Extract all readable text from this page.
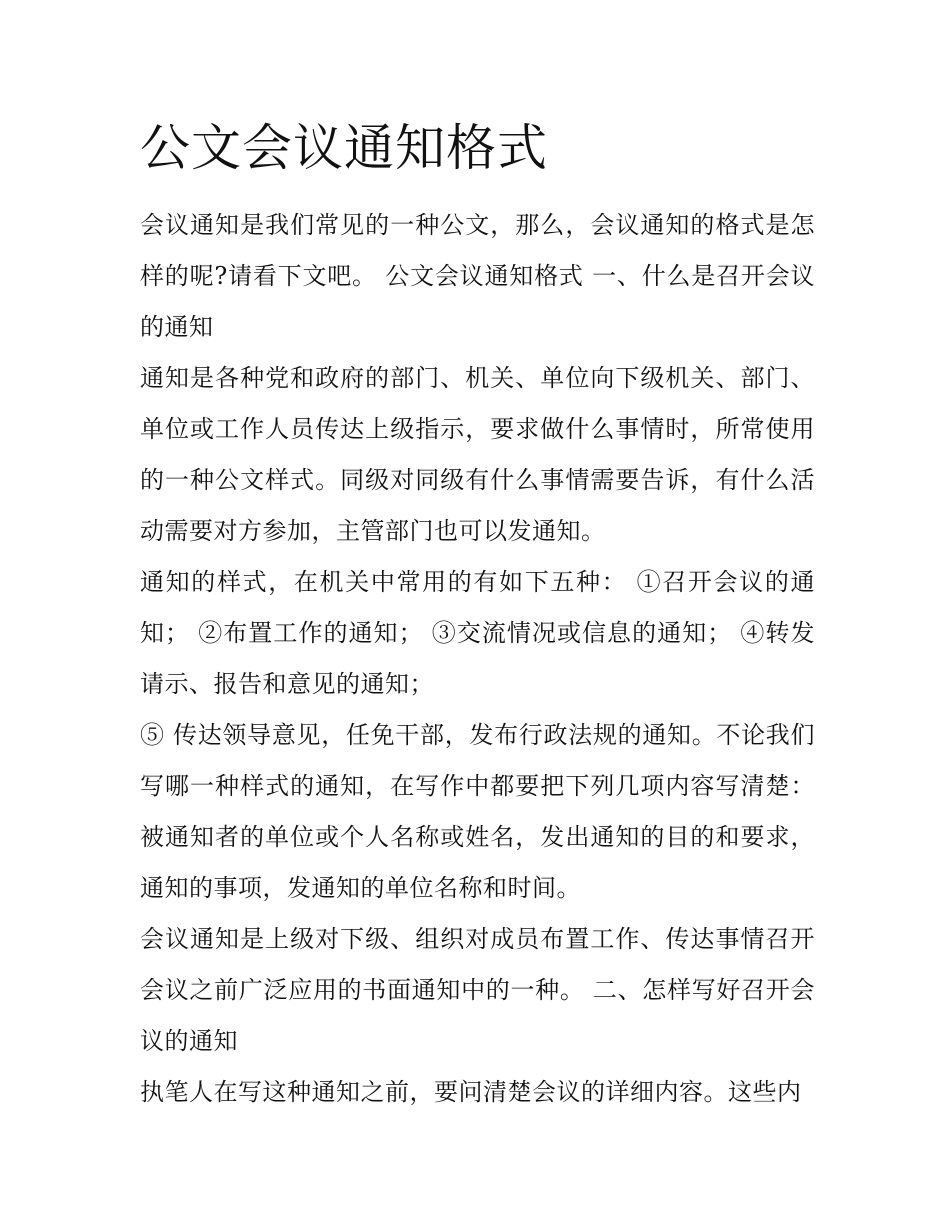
公文会议通知格式

会议通知是我们常见的一种公文，那么，会议通知的格式是怎样的呢?请看下文吧。 公文会议通知格式 一、什么是召开会议的通知

通知是各种党和政府的部门、机关、单位向下级机关、部门、单位或工作人员传达上级指示，要求做什么事情时，所常使用的一种公文样式。同级对同级有什么事情需要告诉，有什么活动需要对方参加，主管部门也可以发通知。

通知的样式，在机关中常用的有如下五种： ①召开会议的通知； ②布置工作的通知； ③交流情况或信息的通知； ④转发请示、报告和意见的通知；

⑤ 传达领导意见，任免干部，发布行政法规的通知。不论我们写哪一种样式的通知，在写作中都要把下列几项内容写清楚：被通知者的单位或个人名称或姓名，发出通知的目的和要求，通知的事项，发通知的单位名称和时间。

会议通知是上级对下级、组织对成员布置工作、传达事情召开会议之前广泛应用的书面通知中的一种。 二、怎样写好召开会议的通知

执笔人在写这种通知之前，要问清楚会议的详细内容。这些内
